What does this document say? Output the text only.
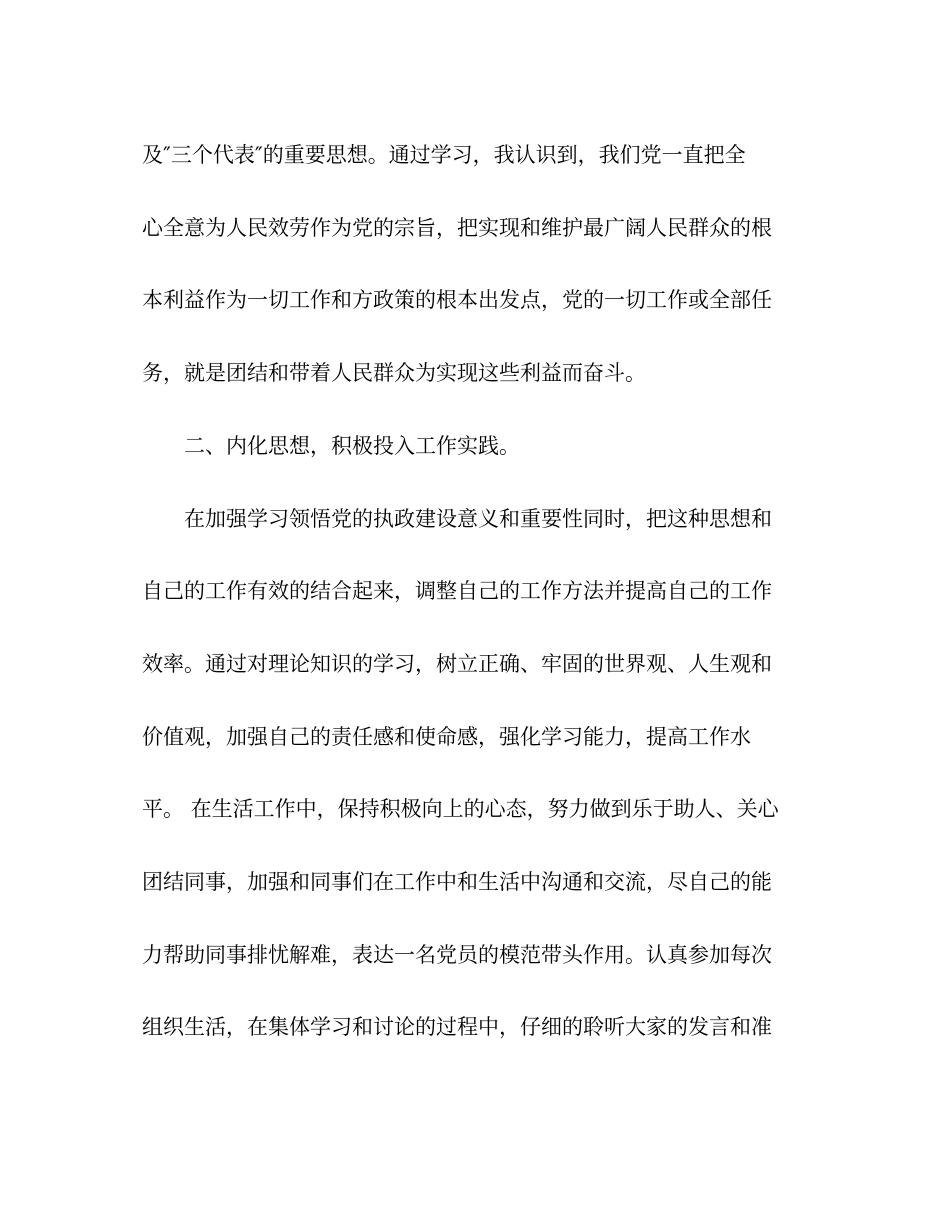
及″三个代表″的重要思想。通过学习，我认识到，我们党一直把全
心全意为人民效劳作为党的宗旨，把实现和维护最广阔人民群众的根
本利益作为一切工作和方政策的根本出发点，党的一切工作或全部任
务，就是团结和带着人民群众为实现这些利益而奋斗。
　　二、内化思想，积极投入工作实践。
　　在加强学习领悟党的执政建设意义和重要性同时，把这种思想和
自己的工作有效的结合起来，调整自己的工作方法并提高自己的工作
效率。通过对理论知识的学习，树立正确、牢固的世界观、人生观和
价值观，加强自己的责任感和使命感，强化学习能力，提高工作水
平。 在生活工作中，保持积极向上的心态，努力做到乐于助人、关心
团结同事，加强和同事们在工作中和生活中沟通和交流，尽自己的能
力帮助同事排忧解难，表达一名党员的模范带头作用。认真参加每次
组织生活，在集体学习和讨论的过程中，仔细的聆听大家的发言和准
